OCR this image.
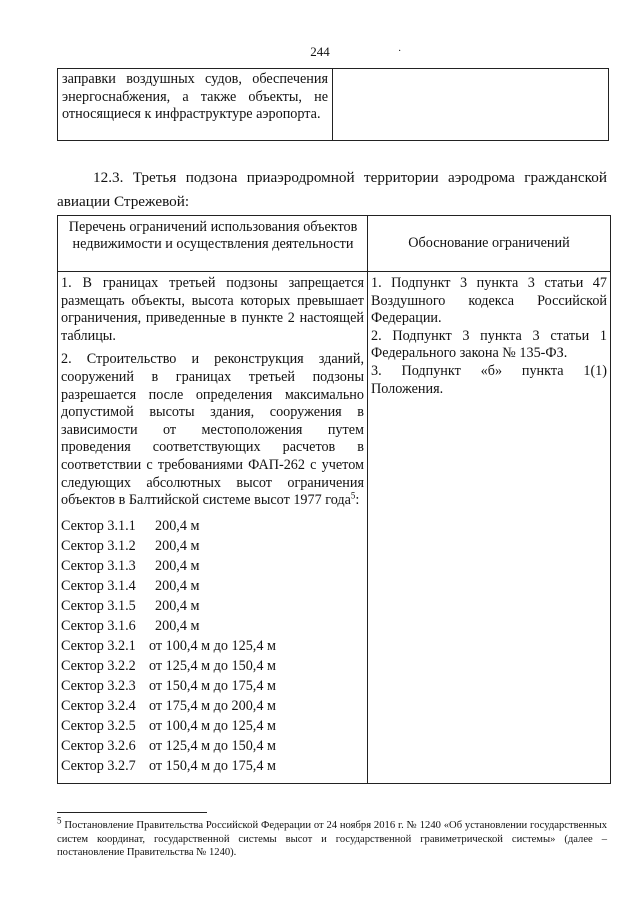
244	·
заправки воздушных судов, обеспечения энергоснабжения, а также объекты, не относящиеся к инфраструктуре аэропорта.
12.3. Третья подзона приаэродромной территории аэродрома гражданской авиации Стрежевой:
Перечень ограничений использования объектов недвижимости и осуществления деятельности	Обоснование ограничений

1. В границах третьей подзоны запрещается размещать объекты, высота которых превышает ограничения, приведенные в пункте 2 настоящей таблицы.

2. Строительство и реконструкция зданий, сооружений в границах третьей подзоны разрешается после определения максимально допустимой высоты здания, сооружения в зависимости от местоположения путем проведения соответствующих расчетов в соответствии с требованиями ФАП-262 с учетом следующих абсолютных высот ограничения объектов в Балтийской системе высот 1977 года$^5$:

Сектор 3.1.1 200,4 м
Сектор 3.1.2 200,4 м
Сектор 3.1.3 200,4 м
Сектор 3.1.4 200,4 м
Сектор 3.1.5 200,4 м
Сектор 3.1.6 200,4 м
Сектор 3.2.1 от 100,4 м до 125,4 м
Сектор 3.2.2 от 125,4 м до 150,4 м
Сектор 3.2.3 от 150,4 м до 175,4 м
Сектор 3.2.4 от 175,4 м до 200,4 м
Сектор 3.2.5 от 100,4 м до 125,4 м
Сектор 3.2.6 от 125,4 м до 150,4 м
Сектор 3.2.7 от 150,4 м до 175,4 м

1. Подпункт 3 пункта 3 статьи 47 Воздушного кодекса Российской Федерации.

2. Подпункт 3 пункта 3 статьи 1 Федерального закона № 135-ФЗ.

3. Подпункт «б» пункта 1(1) Положения.

$^5$ Постановление Правительства Российской Федерации от 24 ноября 2016 г. № 1240 «Об установлении государственных систем координат, государственной системы высот и государственной гравиметрической системы» (далее – постановление Правительства № 1240).
